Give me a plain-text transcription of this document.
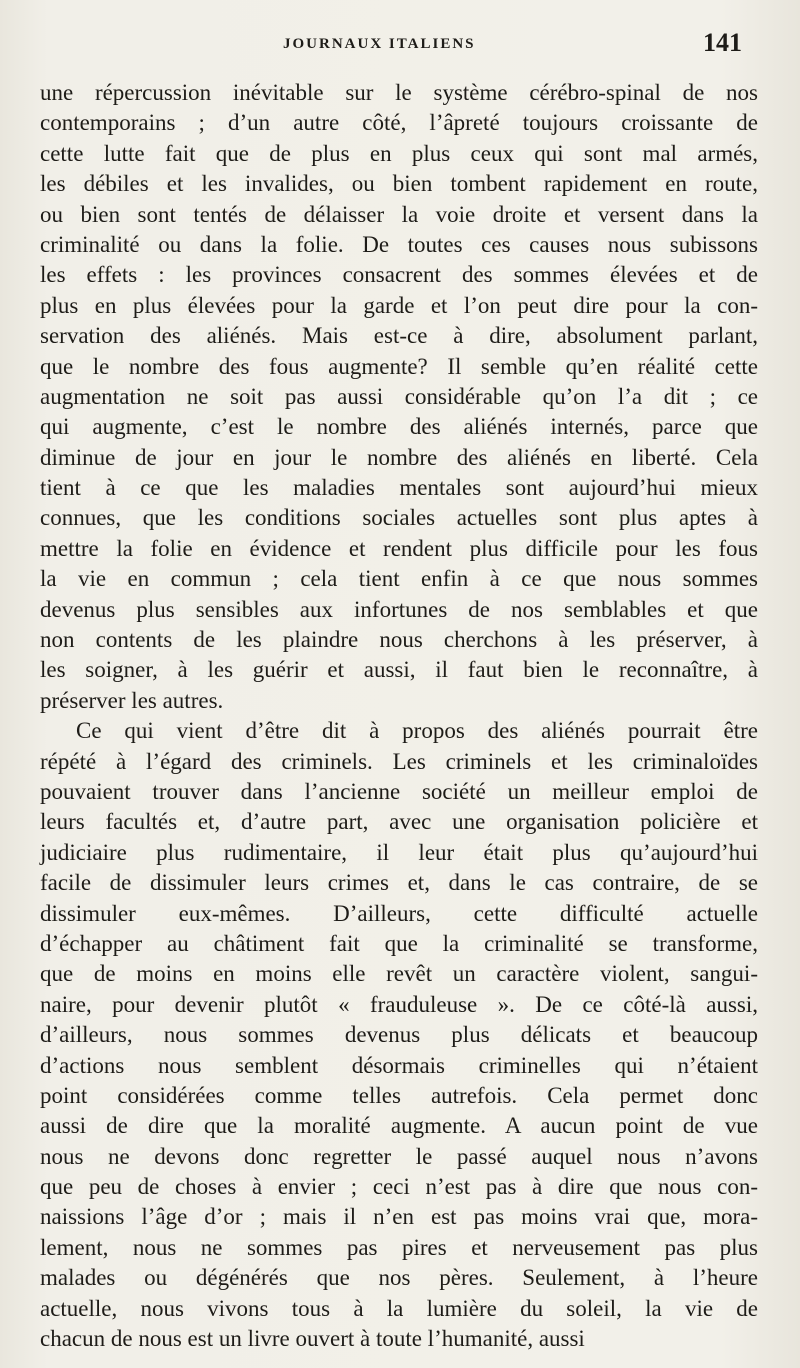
JOURNAUX ITALIENS	141
une répercussion inévitable sur le système cérébro-spinal de nos
contemporains ; d’un autre côté, l’âpreté toujours croissante de
cette lutte fait que de plus en plus ceux qui sont mal armés,
les débiles et les invalides, ou bien tombent rapidement en route,
ou bien sont tentés de délaisser la voie droite et versent dans la
criminalité ou dans la folie. De toutes ces causes nous subissons
les effets : les provinces consacrent des sommes élevées et de
plus en plus élevées pour la garde et l’on peut dire pour la con-
servation des aliénés. Mais est-ce à dire, absolument parlant,
que le nombre des fous augmente? Il semble qu’en réalité cette
augmentation ne soit pas aussi considérable qu’on l’a dit ; ce
qui augmente, c’est le nombre des aliénés internés, parce que
diminue de jour en jour le nombre des aliénés en liberté. Cela
tient à ce que les maladies mentales sont aujourd’hui mieux
connues, que les conditions sociales actuelles sont plus aptes à
mettre la folie en évidence et rendent plus difficile pour les fous
la vie en commun ; cela tient enfin à ce que nous sommes
devenus plus sensibles aux infortunes de nos semblables et que
non contents de les plaindre nous cherchons à les préserver, à
les soigner, à les guérir et aussi, il faut bien le reconnaître, à
préserver les autres.
Ce qui vient d’être dit à propos des aliénés pourrait être
répété à l’égard des criminels. Les criminels et les criminaloïdes
pouvaient trouver dans l’ancienne société un meilleur emploi de
leurs facultés et, d’autre part, avec une organisation policière et
judiciaire plus rudimentaire, il leur était plus qu’aujourd’hui
facile de dissimuler leurs crimes et, dans le cas contraire, de se
dissimuler eux-mêmes. D’ailleurs, cette difficulté actuelle
d’échapper au châtiment fait que la criminalité se transforme,
que de moins en moins elle revêt un caractère violent, sangui-
naire, pour devenir plutôt « frauduleuse ». De ce côté-là aussi,
d’ailleurs, nous sommes devenus plus délicats et beaucoup
d’actions nous semblent désormais criminelles qui n’étaient
point considérées comme telles autrefois. Cela permet donc
aussi de dire que la moralité augmente. A aucun point de vue
nous ne devons donc regretter le passé auquel nous n’avons
que peu de choses à envier ; ceci n’est pas à dire que nous con-
naissions l’âge d’or ; mais il n’en est pas moins vrai que, mora-
lement, nous ne sommes pas pires et nerveusement pas plus
malades ou dégénérés que nos pères. Seulement, à l’heure
actuelle, nous vivons tous à la lumière du soleil, la vie de
chacun de nous est un livre ouvert à toute l’humanité, aussi
